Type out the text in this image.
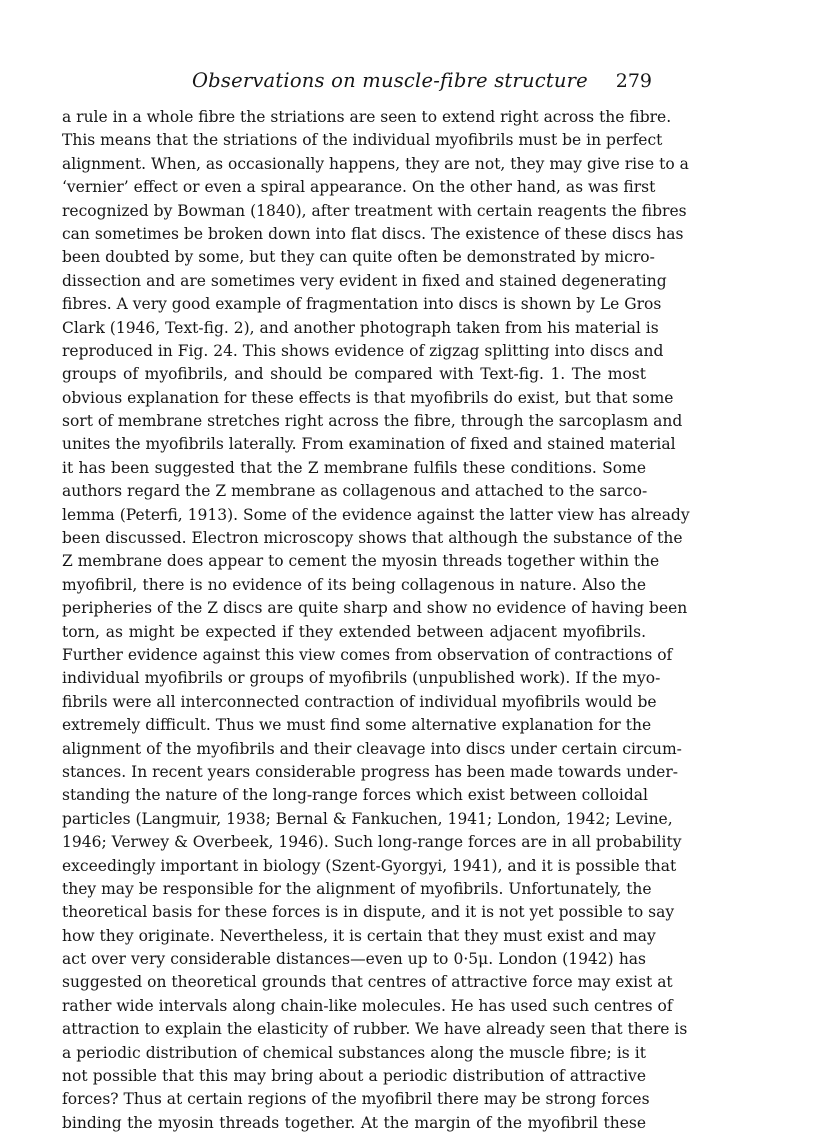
Observations on muscle-fibre structure 279
a rule in a whole fibre the striations are seen to extend right across the fibre.
This means that the striations of the individual myofibrils must be in perfect
alignment. When, as occasionally happens, they are not, they may give rise to a
‘vernier’ effect or even a spiral appearance. On the other hand, as was first
recognized by Bowman (1840), after treatment with certain reagents the fibres
can sometimes be broken down into flat discs. The existence of these discs has
been doubted by some, but they can quite often be demonstrated by micro-
dissection and are sometimes very evident in fixed and stained degenerating
fibres. A very good example of fragmentation into discs is shown by Le Gros
Clark (1946, Text-fig. 2), and another photograph taken from his material is
reproduced in Fig. 24. This shows evidence of zigzag splitting into discs and
groups of myofibrils, and should be compared with Text-fig. 1. The most
obvious explanation for these effects is that myofibrils do exist, but that some
sort of membrane stretches right across the fibre, through the sarcoplasm and
unites the myofibrils laterally. From examination of fixed and stained material
it has been suggested that the Z membrane fulfils these conditions. Some
authors regard the Z membrane as collagenous and attached to the sarco-
lemma (Peterfi, 1913). Some of the evidence against the latter view has already
been discussed. Electron microscopy shows that although the substance of the
Z membrane does appear to cement the myosin threads together within the
myofibril, there is no evidence of its being collagenous in nature. Also the
peripheries of the Z discs are quite sharp and show no evidence of having been
torn, as might be expected if they extended between adjacent myofibrils.
Further evidence against this view comes from observation of contractions of
individual myofibrils or groups of myofibrils (unpublished work). If the myo-
fibrils were all interconnected contraction of individual myofibrils would be
extremely difficult. Thus we must find some alternative explanation for the
alignment of the myofibrils and their cleavage into discs under certain circum-
stances. In recent years considerable progress has been made towards under-
standing the nature of the long-range forces which exist between colloidal
particles (Langmuir, 1938; Bernal & Fankuchen, 1941; London, 1942; Levine,
1946; Verwey & Overbeek, 1946). Such long-range forces are in all probability
exceedingly important in biology (Szent-Gyorgyi, 1941), and it is possible that
they may be responsible for the alignment of myofibrils. Unfortunately, the
theoretical basis for these forces is in dispute, and it is not yet possible to say
how they originate. Nevertheless, it is certain that they must exist and may
act over very considerable distances—even up to 0·5μ. London (1942) has
suggested on theoretical grounds that centres of attractive force may exist at
rather wide intervals along chain-like molecules. He has used such centres of
attraction to explain the elasticity of rubber. We have already seen that there is
a periodic distribution of chemical substances along the muscle fibre; is it
not possible that this may bring about a periodic distribution of attractive
forces? Thus at certain regions of the myofibril there may be strong forces
binding the myosin threads together. At the margin of the myofibril these
